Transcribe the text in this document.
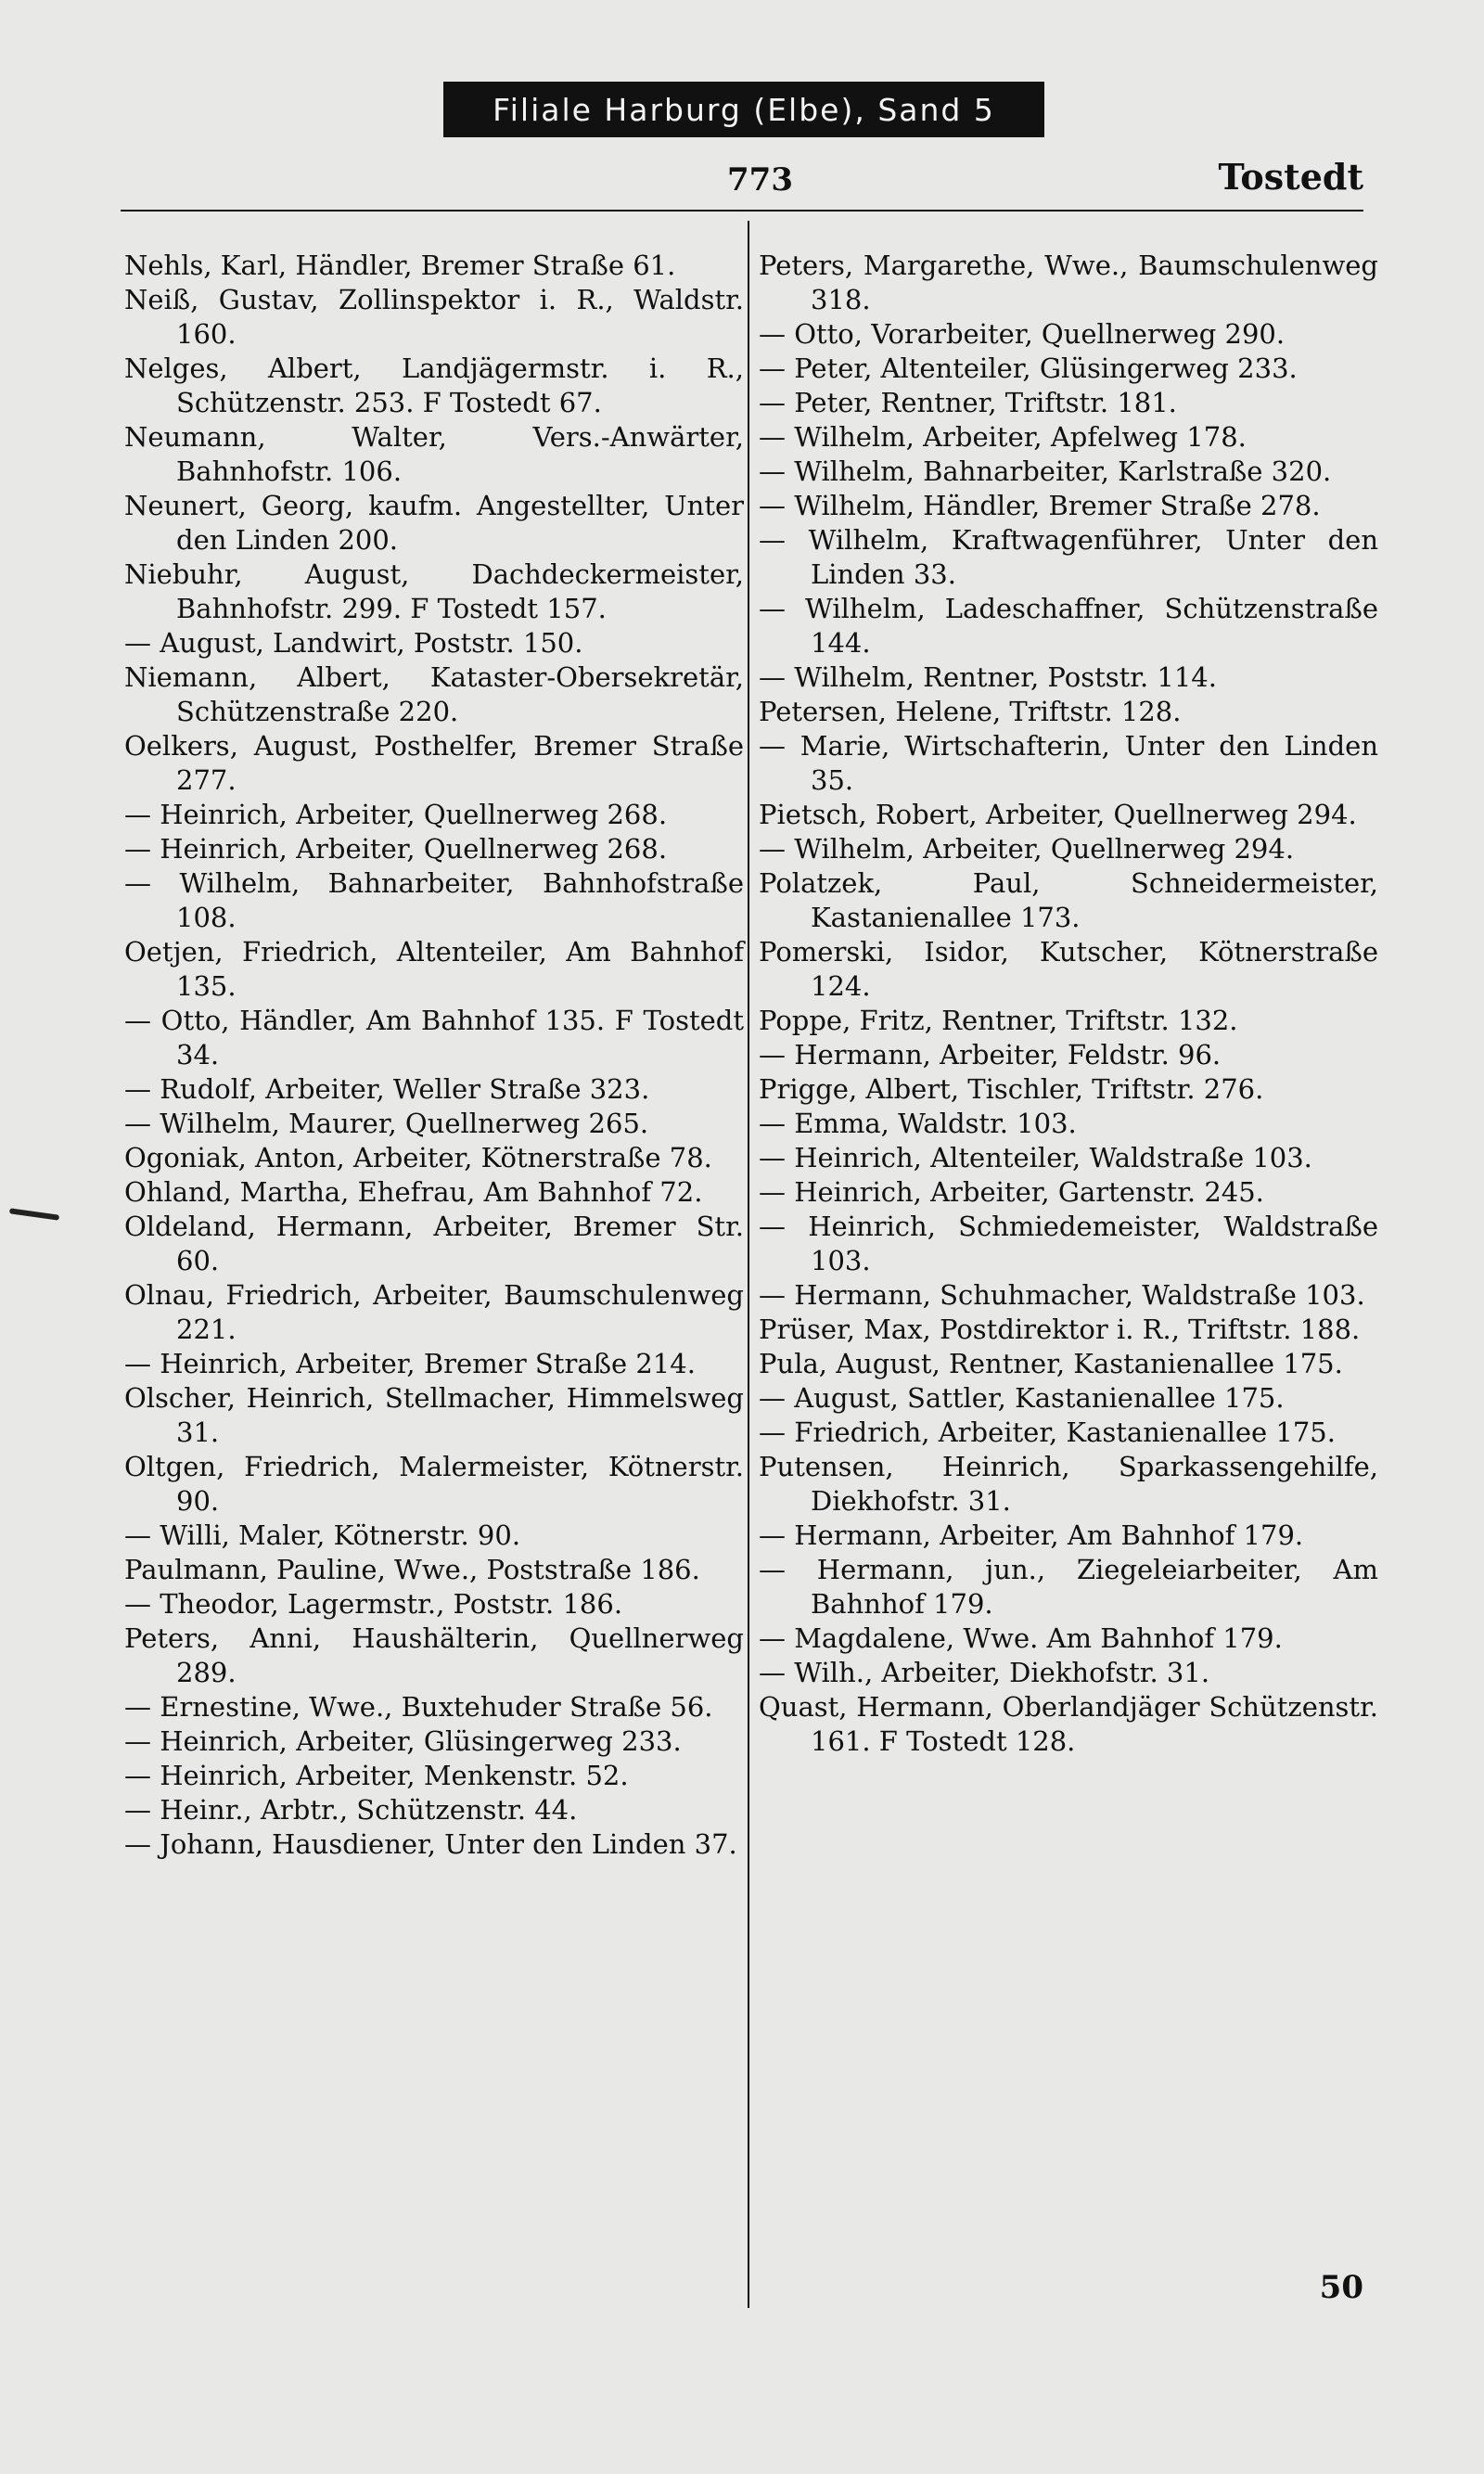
Filiale Harburg (Elbe), Sand 5
773	Tostedt

Nehls, Karl, Händler, Bremer Straße 61.

Neiß, Gustav, Zollinspektor i. R., Waldstr. 160.

Nelges, Albert, Landjägermstr. i. R., Schützenstr. 253. F Tostedt 67.

Neumann, Walter, Vers.-Anwärter, Bahnhofstr. 106.

Neunert, Georg, kaufm. Angestellter, Unter den Linden 200.

Niebuhr, August, Dachdeckermeister, Bahnhofstr. 299. F Tostedt 157.

— August, Landwirt, Poststr. 150.

Niemann, Albert, Kataster-Obersekretär, Schützenstraße 220.

Oelkers, August, Posthelfer, Bremer Straße 277.

— Heinrich, Arbeiter, Quellnerweg 268.

— Heinrich, Arbeiter, Quellnerweg 268.

— Wilhelm, Bahnarbeiter, Bahnhofstraße 108.

Oetjen, Friedrich, Altenteiler, Am Bahnhof 135.

— Otto, Händler, Am Bahnhof 135. F Tostedt 34.

— Rudolf, Arbeiter, Weller Straße 323.

— Wilhelm, Maurer, Quellnerweg 265.

Ogoniak, Anton, Arbeiter, Kötnerstraße 78.

Ohland, Martha, Ehefrau, Am Bahnhof 72.

Oldeland, Hermann, Arbeiter, Bremer Str. 60.

Olnau, Friedrich, Arbeiter, Baumschulenweg 221.

— Heinrich, Arbeiter, Bremer Straße 214.

Olscher, Heinrich, Stellmacher, Himmelsweg 31.

Oltgen, Friedrich, Malermeister, Kötnerstr. 90.

— Willi, Maler, Kötnerstr. 90.

Paulmann, Pauline, Wwe., Poststraße 186.

— Theodor, Lagermstr., Poststr. 186.

Peters, Anni, Haushälterin, Quellnerweg 289.

— Ernestine, Wwe., Buxtehuder Straße 56.

— Heinrich, Arbeiter, Glüsingerweg 233.

— Heinrich, Arbeiter, Menkenstr. 52.

— Heinr., Arbtr., Schützenstr. 44.

— Johann, Hausdiener, Unter den Linden 37.

Peters, Margarethe, Wwe., Baumschulenweg 318.

— Otto, Vorarbeiter, Quellnerweg 290.

— Peter, Altenteiler, Glüsingerweg 233.

— Peter, Rentner, Triftstr. 181.

— Wilhelm, Arbeiter, Apfelweg 178.

— Wilhelm, Bahnarbeiter, Karlstraße 320.

— Wilhelm, Händler, Bremer Straße 278.

— Wilhelm, Kraftwagenführer, Unter den Linden 33.

— Wilhelm, Ladeschaffner, Schützenstraße 144.

— Wilhelm, Rentner, Poststr. 114.

Petersen, Helene, Triftstr. 128.

— Marie, Wirtschafterin, Unter den Linden 35.

Pietsch, Robert, Arbeiter, Quellnerweg 294.

— Wilhelm, Arbeiter, Quellnerweg 294.

Polatzek, Paul, Schneidermeister, Kastanienallee 173.

Pomerski, Isidor, Kutscher, Kötnerstraße 124.

Poppe, Fritz, Rentner, Triftstr. 132.

— Hermann, Arbeiter, Feldstr. 96.

Prigge, Albert, Tischler, Triftstr. 276.

— Emma, Waldstr. 103.

— Heinrich, Altenteiler, Waldstraße 103.

— Heinrich, Arbeiter, Gartenstr. 245.

— Heinrich, Schmiedemeister, Waldstraße 103.

— Hermann, Schuhmacher, Waldstraße 103.

Prüser, Max, Postdirektor i. R., Triftstr. 188.

Pula, August, Rentner, Kastanienallee 175.

— August, Sattler, Kastanienallee 175.

— Friedrich, Arbeiter, Kastanienallee 175.

Putensen, Heinrich, Sparkassengehilfe, Diekhofstr. 31.

— Hermann, Arbeiter, Am Bahnhof 179.

— Hermann, jun., Ziegeleiarbeiter, Am Bahnhof 179.

— Magdalene, Wwe. Am Bahnhof 179.

— Wilh., Arbeiter, Diekhofstr. 31.

Quast, Hermann, Oberlandjäger Schützenstr. 161. F Tostedt 128.

50
